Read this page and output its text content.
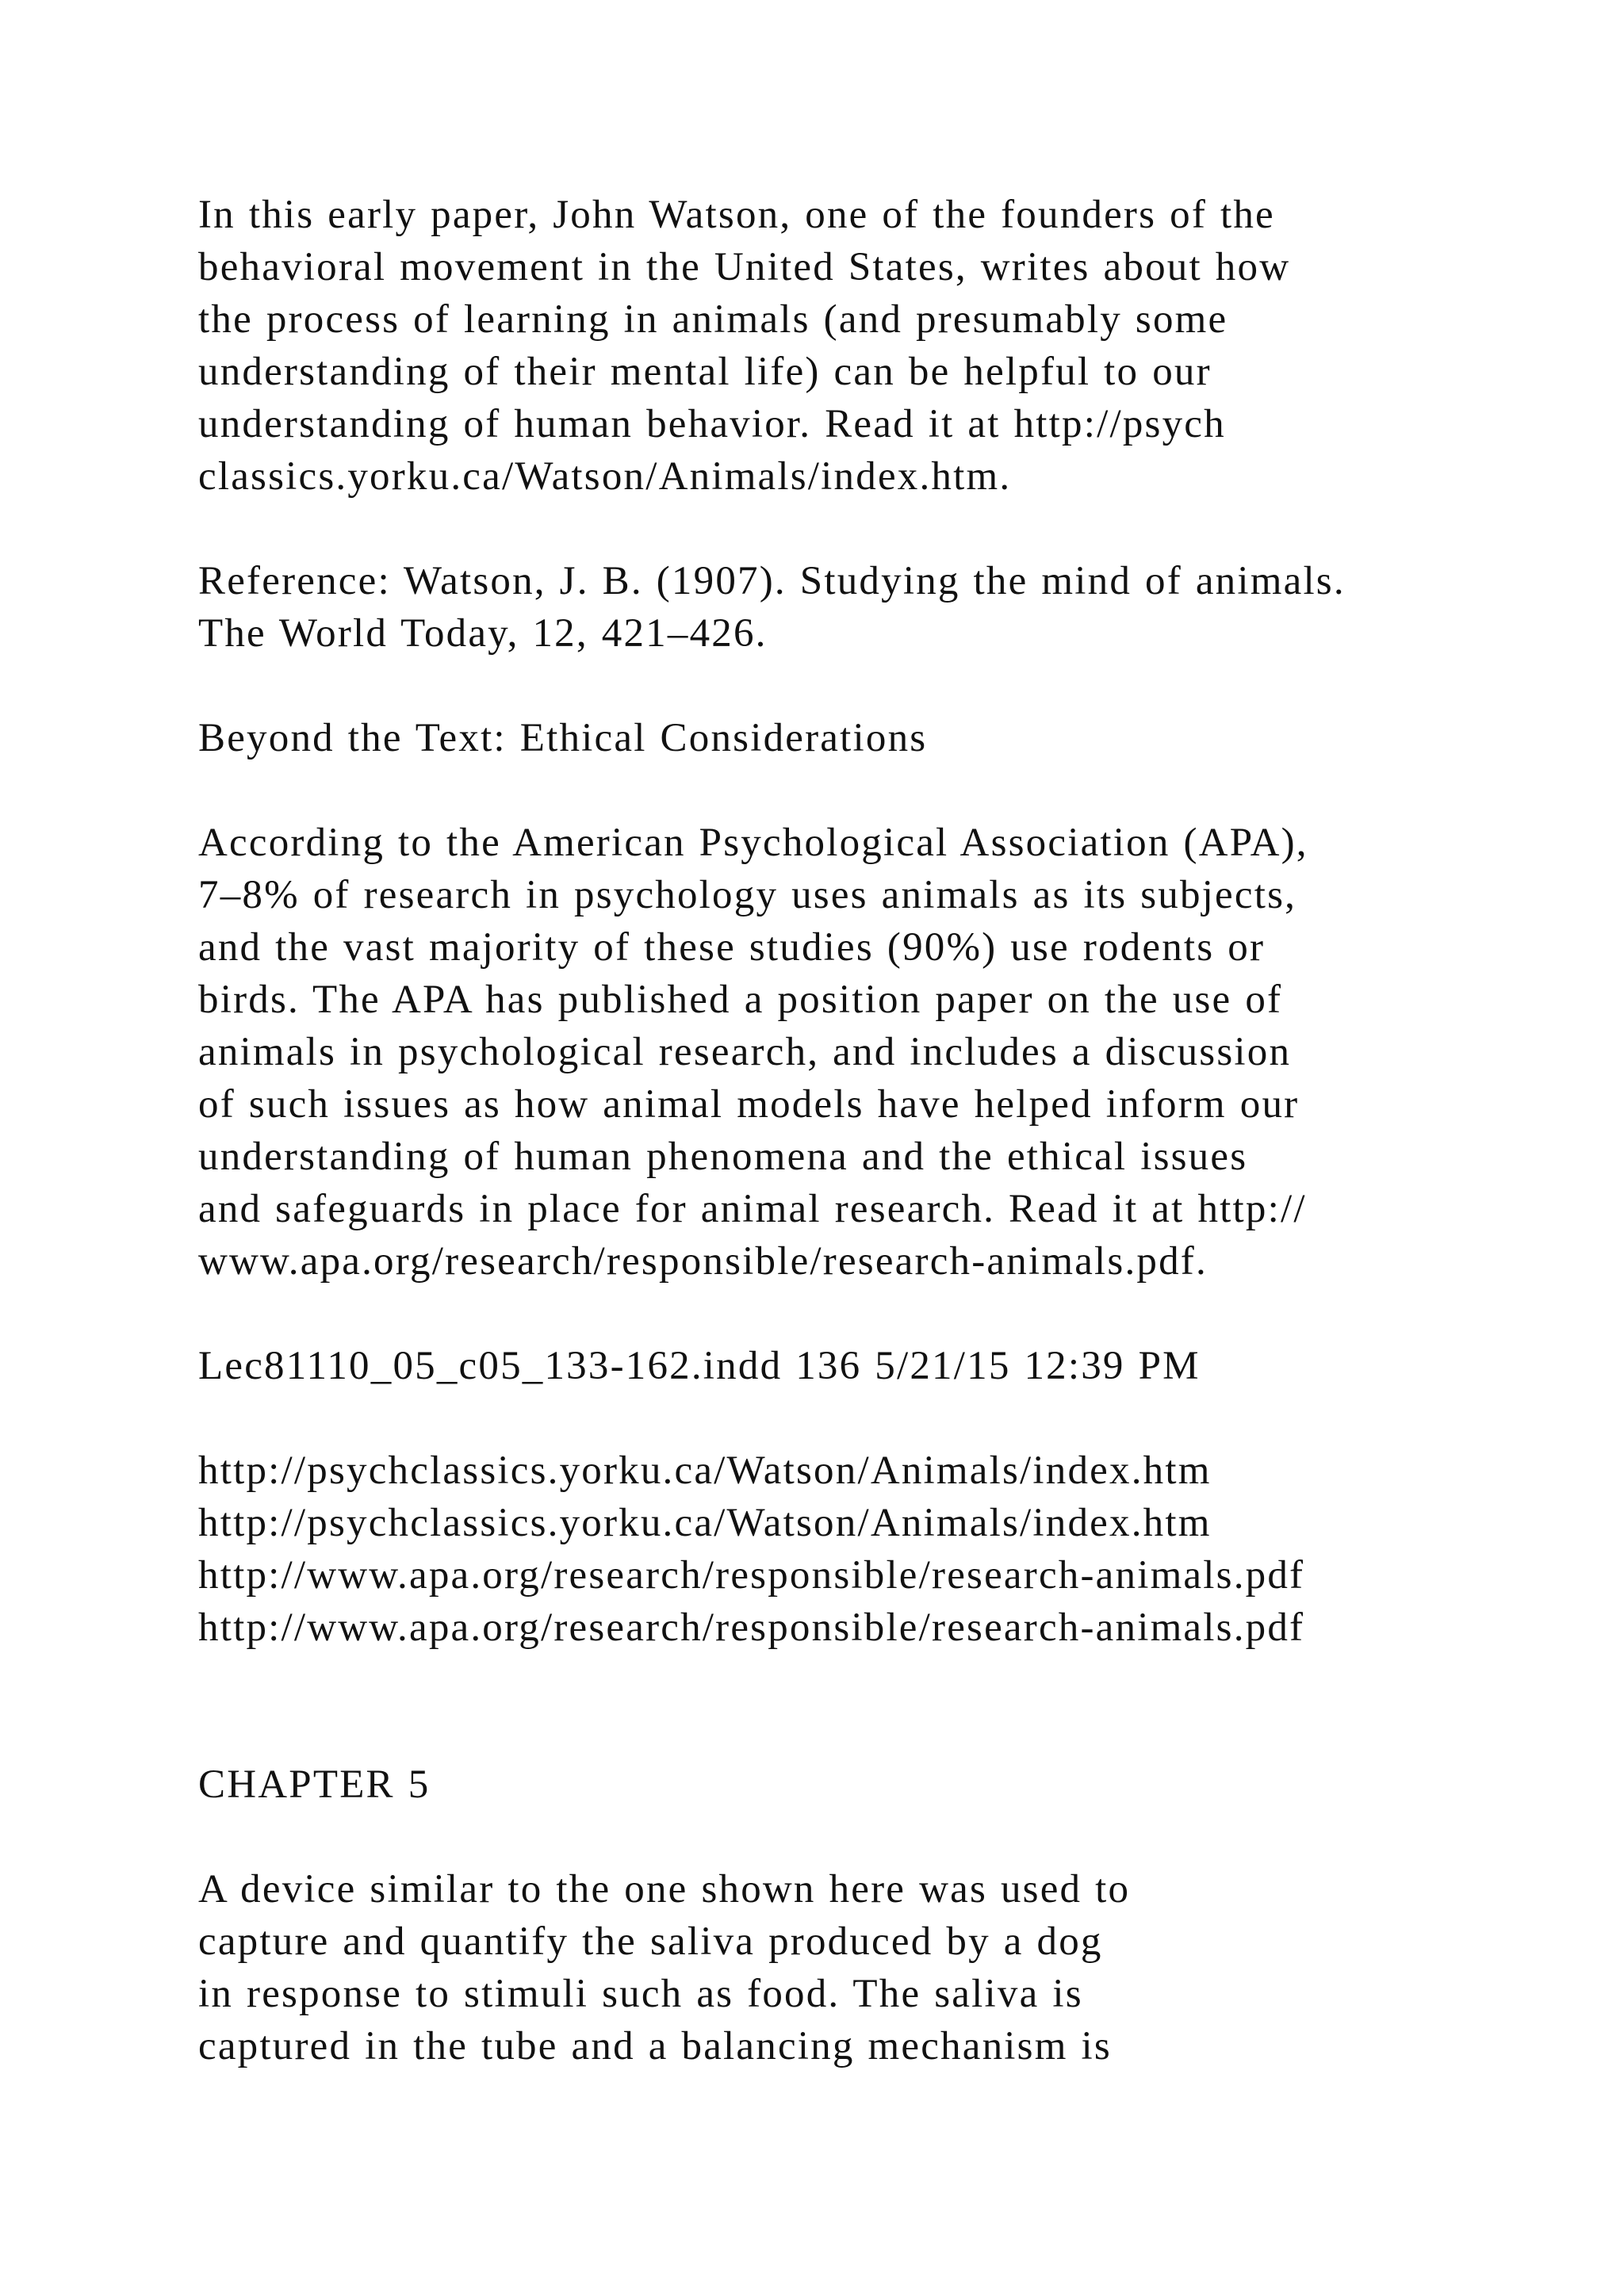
In this early paper, John Watson, one of the founders of the
behavioral movement in the United States, writes about how
the process of learning in animals (and presumably some
understanding of their mental life) can be helpful to our
understanding of human behavior. Read it at http://psych
classics.yorku.ca/Watson/Animals/index.htm.
Reference: Watson, J. B. (1907). Studying the mind of animals.
The World Today, 12, 421–426.
Beyond the Text: Ethical Considerations
According to the American Psychological Association (APA),
7–8% of research in psychology uses animals as its subjects,
and the vast majority of these studies (90%) use rodents or
birds. The APA has published a position paper on the use of
animals in psychological research, and includes a discussion
of such issues as how animal models have helped inform our
understanding of human phenomena and the ethical issues
and safeguards in place for animal research. Read it at http://
www.apa.org/research/responsible/research-animals.pdf.
Lec81110_05_c05_133-162.indd 136 5/21/15 12:39 PM
http://psychclassics.yorku.ca/Watson/Animals/index.htm
http://psychclassics.yorku.ca/Watson/Animals/index.htm
http://www.apa.org/research/responsible/research-animals.pdf
http://www.apa.org/research/responsible/research-animals.pdf
CHAPTER 5
A device similar to the one shown here was used to
capture and quantify the saliva produced by a dog
in response to stimuli such as food. The saliva is
captured in the tube and a balancing mechanism is
